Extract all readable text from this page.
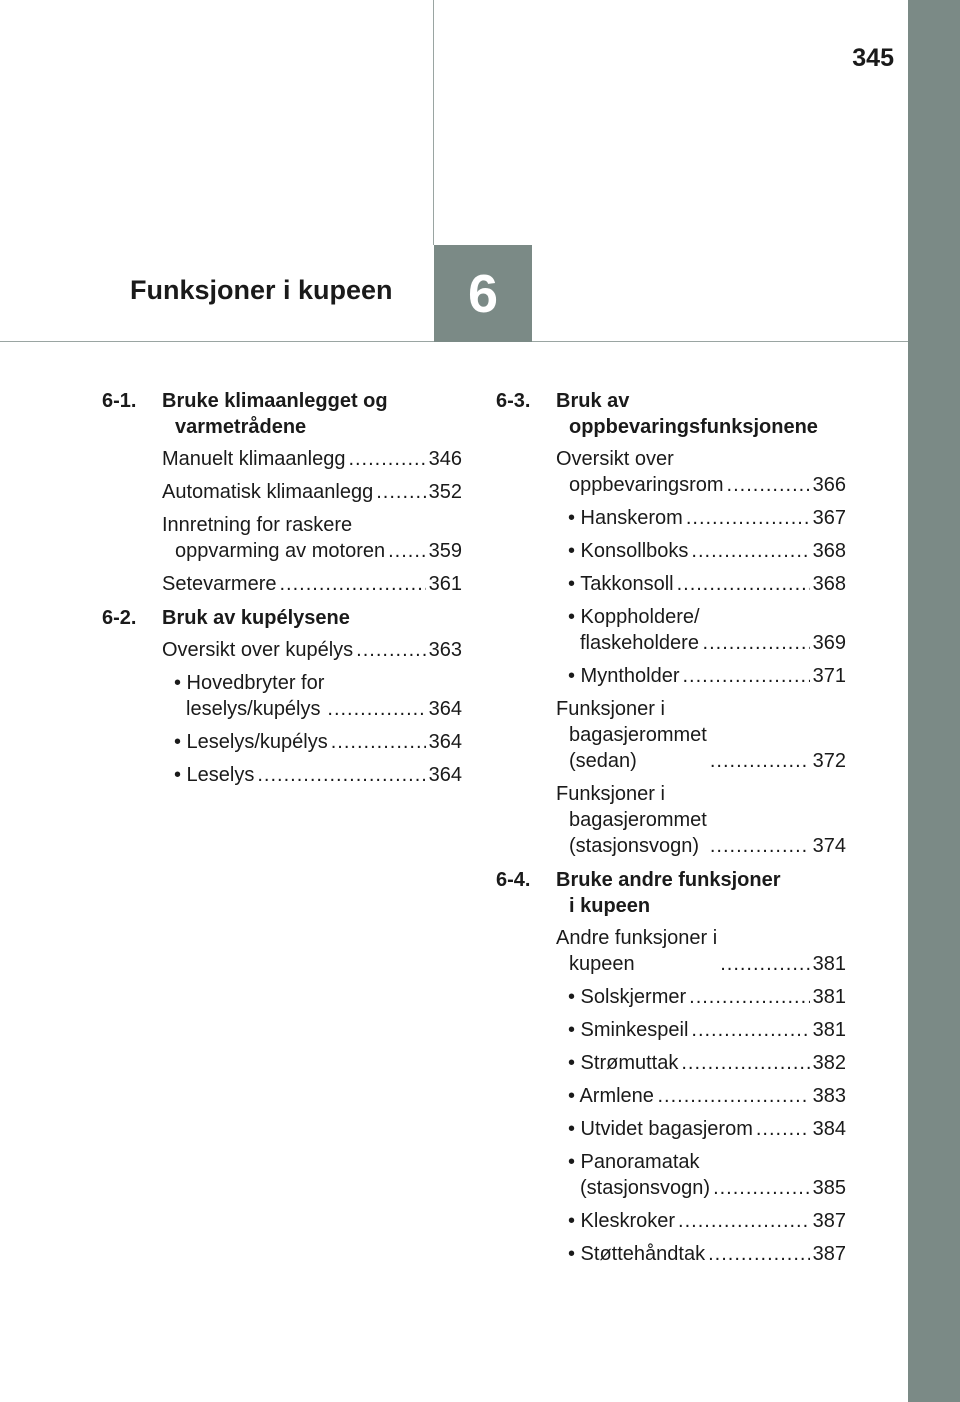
345
Funksjoner i kupeen 6
6-1.	Bruke klimaanlegget og
varmetrådene
Manuelt klimaanlegg .....	346
Automatisk klimaanlegg .....	352
Innretning for raskere
oppvarming av motoren ..... 359
Setevarmere .....	361
6-2.	Bruk av kupélysene
Oversikt over kupélys .....	363
• Hovedbryter for
leselys/kupélys .....	364
• Leselys/kupélys .....	364
• Leselys .....	364
6-3.	Bruk av
oppbevaringsfunksjonene
Oversikt over
oppbevaringsrom .....	366
• Hanskerom .....	367
• Konsollboks .....	368
• Takkonsoll .....	368
• Koppholdere/
flaskeholdere .....	369
• Myntholder .....	371
Funksjoner i
bagasjerommet
(sedan) .....	372
Funksjoner i
bagasjerommet
(stasjonsvogn) .....	374
6-4.	Bruke andre funksjoner
i kupeen
Andre funksjoner i
kupeen .....	381
• Solskjermer .....	381
• Sminkespeil .....	381
• Strømuttak .....	382
• Armlene .....	383
• Utvidet bagasjerom .....	384
• Panoramatak
(stasjonsvogn) .....	385
• Kleskroker .....	387
• Støttehåndtak .....	387
